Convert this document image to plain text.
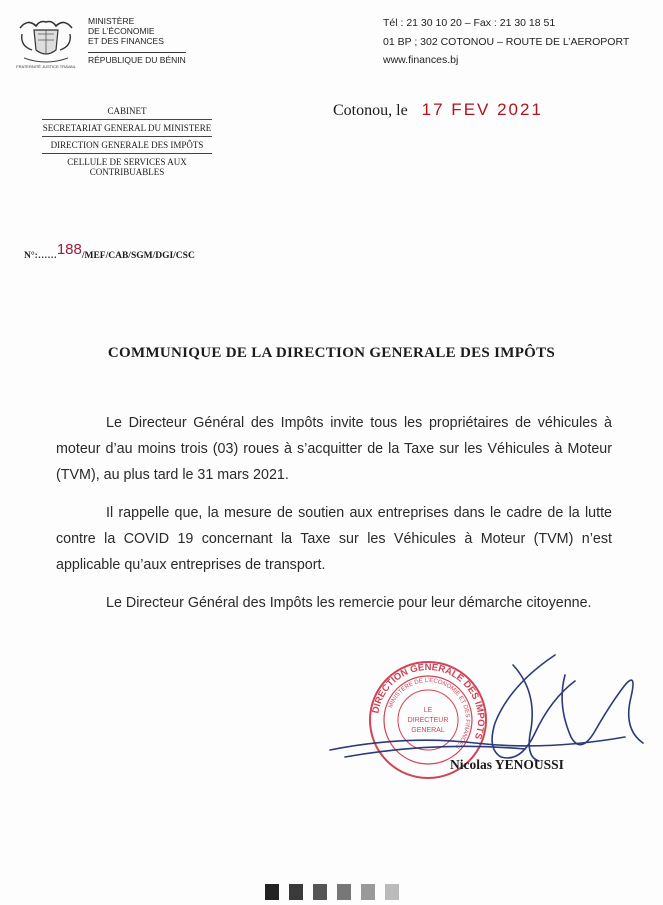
FRATERNITÉ JUSTICE TRAVAIL
MINISTÈRE
DE L’ÉCONOMIE
ET DES FINANCES
RÉPUBLIQUE DU BÉNIN
Tél : 21 30 10 20 – Fax : 21 30 18 51
01 BP ; 302 COTONOU – ROUTE DE L’AEROPORT
www.finances.bj
CABINET
SECRETARIAT GENERAL DU MINISTERE
DIRECTION GENERALE DES IMPÔTS
CELLULE DE SERVICES AUX CONTRIBUABLES
Cotonou, le 17 FEV 2021
N°:……188/MEF/CAB/SGM/DGI/CSC
COMMUNIQUE DE LA DIRECTION GENERALE DES IMPÔTS
Le Directeur Général des Impôts invite tous les propriétaires de véhicules à moteur d’au moins trois (03) roues à s’acquitter de la Taxe sur les Véhicules à Moteur (TVM), au plus tard le 31 mars 2021.
Il rappelle que, la mesure de soutien aux entreprises dans le cadre de la lutte contre la COVID 19 concernant la Taxe sur les Véhicules à Moteur (TVM) n’est applicable qu’aux entreprises de transport.
Le Directeur Général des Impôts les remercie pour leur démarche citoyenne.
DIRECTION GENERALE DES IMPOTS
MINISTERE DE L’ECONOMIE ET DES FINANCES
LE
DIRECTEUR
GENERAL
Nicolas YENOUSSI
